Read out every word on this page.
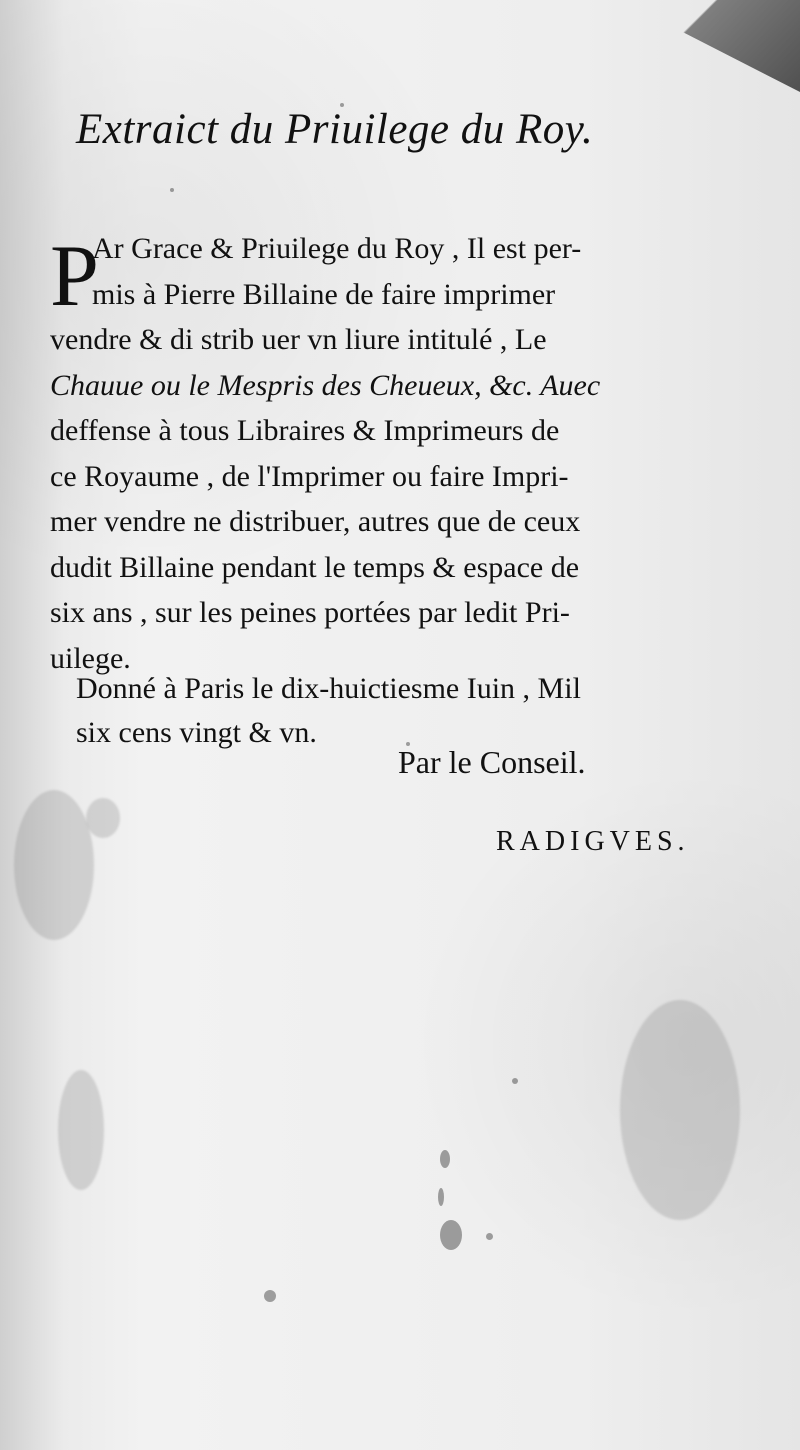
Extraict du Priuilege du Roy.
P
Ar Grace & Priuilege du Roy , Il est per-
mis à Pierre Billaine de faire imprimer
vendre & di strib uer vn liure intitulé , Le
Chauue ou le Mespris des Cheueux, &c. Auec
deffense à tous Libraires & Imprimeurs de
ce Royaume , de l'Imprimer ou faire Impri-
mer vendre ne distribuer, autres que de ceux
dudit Billaine pendant le temps & espace de
six ans , sur les peines portées par ledit Pri-
uilege.
Donné à Paris le dix-huictiesme Iuin , Mil
six cens vingt & vn.
Par le Conseil.
RADIGVES.
